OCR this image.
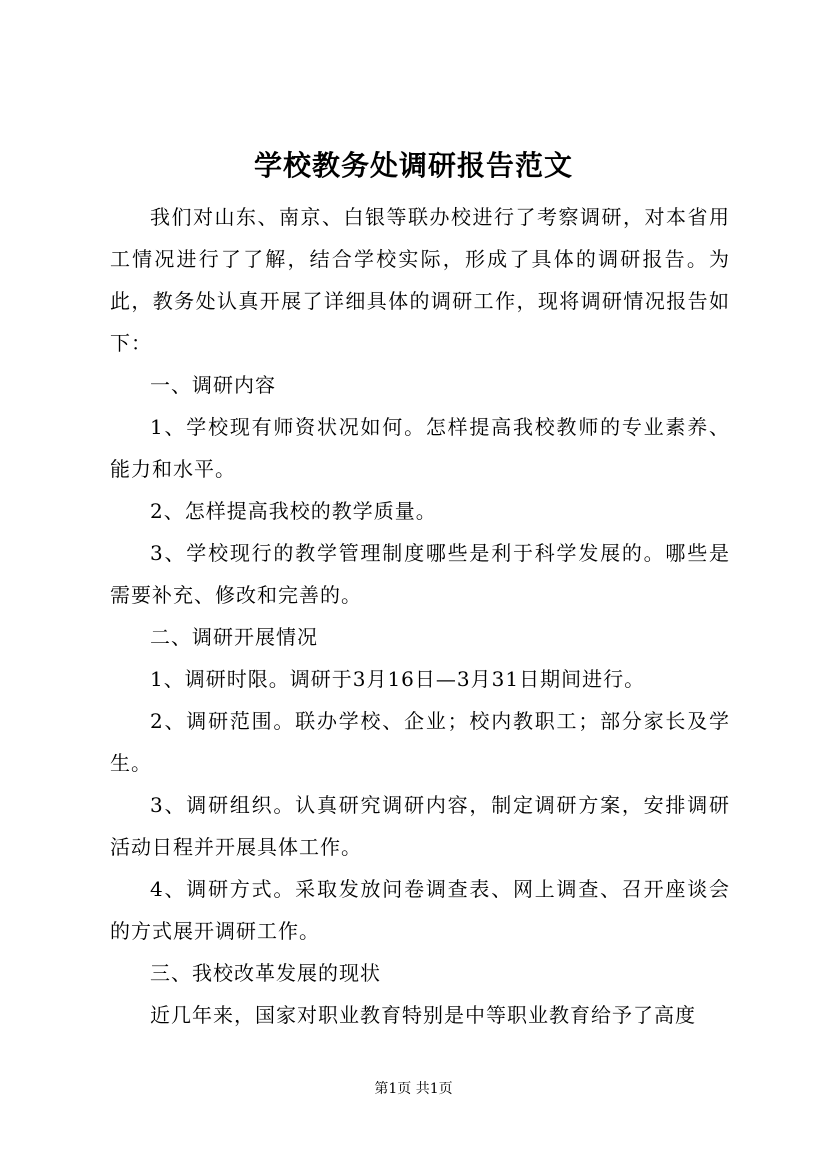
学校教务处调研报告范文

我们对山东、南京、白银等联办校进行了考察调研，对本省用工情况进行了了解，结合学校实际，形成了具体的调研报告。为此，教务处认真开展了详细具体的调研工作，现将调研情况报告如下：

一、调研内容

1、学校现有师资状况如何。怎样提高我校教师的专业素养、能力和水平。

2、怎样提高我校的教学质量。

3、学校现行的教学管理制度哪些是利于科学发展的。哪些是需要补充、修改和完善的。

二、调研开展情况

1、调研时限。调研于3月16日—3月31日期间进行。

2、调研范围。联办学校、企业；校内教职工；部分家长及学生。

3、调研组织。认真研究调研内容，制定调研方案，安排调研活动日程并开展具体工作。

4、调研方式。采取发放问卷调查表、网上调查、召开座谈会的方式展开调研工作。

三、我校改革发展的现状

近几年来，国家对职业教育特别是中等职业教育给予了高度

第1页 共1页
